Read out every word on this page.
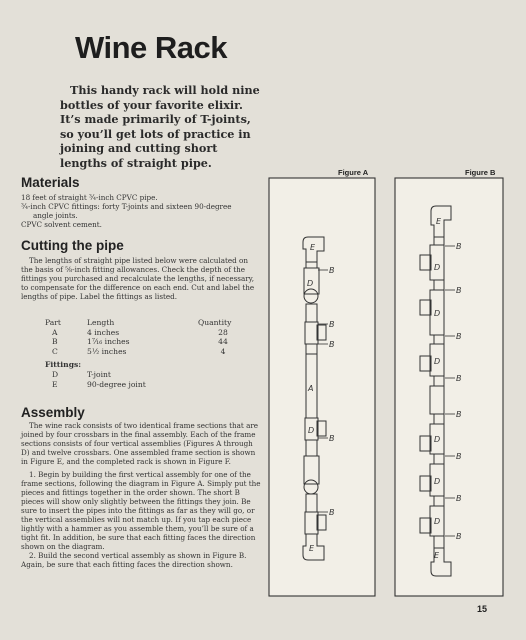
Wine Rack
This handy rack will hold nine bottles of your favorite elixir. It’s made primarily of T-joints, so you’ll get lots of practice in joining and cutting short lengths of straight pipe.
Materials
18 feet of straight ¾-inch CPVC pipe.
¾-inch CPVC fittings: forty T-joints and sixteen 90-degree
angle joints.
CPVC solvent cement.
Cutting the pipe
The lengths of straight pipe listed below were calculated on the basis of ⅝-inch fitting allowances. Check the depth of the fittings you purchased and recalculate the lengths, if necessary, to compensate for the difference on each end. Cut and label the lengths of pipe. Label the fittings as listed.
Part	Length	Quantity
A	4 inches	28
B	1⁷⁄₁₆ inches	44
C	5½ inches	4
Fittings:
D	T-joint
E	90-degree joint
Assembly

The wine rack consists of two identical frame sections that are joined by four crossbars in the final assembly. Each of the frame sections consists of four vertical assemblies (Figures A through D) and twelve crossbars. One assembled frame section is shown in Figure E, and the completed rack is shown in Figure F.

1. Begin by building the first vertical assembly for one of the frame sections, following the diagram in Figure A. Simply put the pieces and fittings together in the order shown. The short B pieces will show only slightly between the fittings they join. Be sure to insert the pipes into the fittings as far as they will go, or the vertical assemblies will not match up. If you tap each piece lightly with a hammer as you assemble them, you’ll be sure of a tight fit. In addition, be sure that each fitting faces the direction shown on the diagram.

2. Build the second vertical assembly as shown in Figure B. Again, be sure that each fitting faces the direction shown.

Figure A	Figure B
E
B
D
B
B
A
D
B
B
E
E
B
D
B
D
B
D
B
B
D
B
D
B
D
B
E
15
